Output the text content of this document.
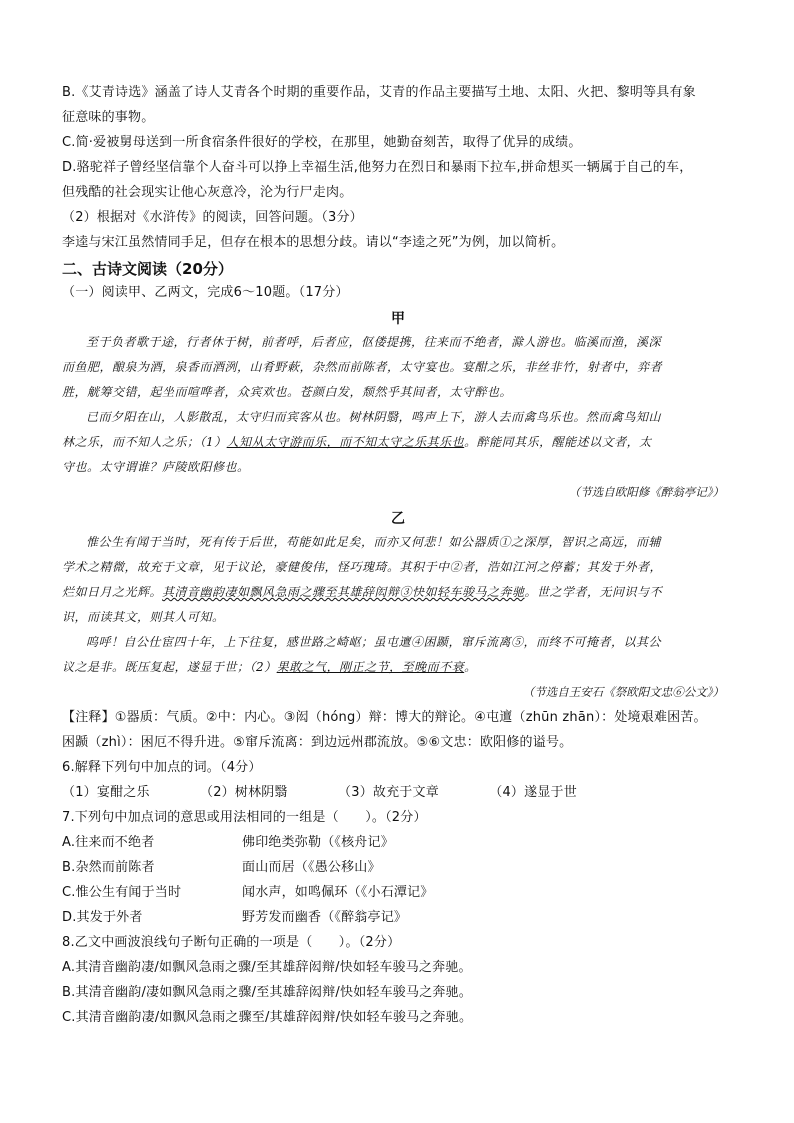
B.《艾青诗选》涵盖了诗人艾青各个时期的重要作品，艾青的作品主要描写土地、太阳、火把、黎明等具有象
征意味的事物。
C.简·爱被舅母送到一所食宿条件很好的学校，在那里，她勤奋刻苦，取得了优异的成绩。
D.骆驼祥子曾经坚信靠个人奋斗可以挣上幸福生活,他努力在烈日和暴雨下拉车,拼命想买一辆属于自己的车，
但残酷的社会现实让他心灰意冷，沦为行尸走肉。
（2）根据对《水浒传》的阅读，回答问题。（3分）
李逵与宋江虽然情同手足，但存在根本的思想分歧。请以“李逵之死”为例，加以简析。
二、古诗文阅读（20分）
（一）阅读甲、乙两文，完成6～10题。（17分）
甲
至于负者歌于途，行者休于树，前者呼，后者应，伛偻提携，往来而不绝者，滁人游也。临溪而渔，溪深
而鱼肥，酿泉为酒，泉香而酒洌，山肴野蔌，杂然而前陈者，太守宴也。宴酣之乐，非丝非竹，射者中，弈者
胜，觥筹交错，起坐而喧哗者，众宾欢也。苍颜白发，颓然乎其间者，太守醉也。
已而夕阳在山，人影散乱，太守归而宾客从也。树林阴翳，鸣声上下，游人去而禽鸟乐也。然而禽鸟知山
林之乐，而不知人之乐；（1）人知从太守游而乐，而不知太守之乐其乐也。醉能同其乐，醒能述以文者，太
守也。太守谓谁？庐陵欧阳修也。
（节选自欧阳修《醉翁亭记》）
乙
惟公生有闻于当时，死有传于后世，苟能如此足矣，而亦又何悲！如公器质①之深厚，智识之高远，而辅
学术之精微，故充于文章，见于议论，豪健俊伟，怪巧瑰琦。其积于中②者，浩如江河之停蓄；其发于外者，
烂如日月之光辉。其清音幽韵凄如飘风急雨之骤至其雄辞闳辩③快如轻车骏马之奔驰。世之学者，无问识与不
识，而读其文，则其人可知。
呜呼！自公仕宦四十年，上下往复，感世路之崎岖；虽屯邅④困踬，窜斥流离⑤，而终不可掩者，以其公
议之是非。既压复起，遂显于世；（2）果敢之气，刚正之节，至晚而不衰。
（节选自王安石《祭欧阳文忠⑥公文》）
【注释】①器质：气质。②中：内心。③闳（hóng）辩：博大的辩论。④屯邅（zhūn zhān）：处境艰难困苦。
困踬（zhì）：困厄不得升进。⑤窜斥流离：到边远州郡流放。⑤⑥文忠：欧阳修的谥号。
6.解释下列句中加点的词。（4分）
（1）宴酣之乐	（2）树林阴翳	（3）故充于文章	（4）遂显于世
7.下列句中加点词的意思或用法相同的一组是（　　）。（2分）
A.往来而不绝者	佛印绝类弥勒（《核舟记》
B.杂然而前陈者	面山而居（《愚公移山》
C.惟公生有闻于当时	闻水声，如鸣佩环（《小石潭记》
D.其发于外者	野芳发而幽香（《醉翁亭记》
8.乙文中画波浪线句子断句正确的一项是（　　）。（2分）
A.其清音幽韵凄/如飘风急雨之骤/至其雄辞闳辩/快如轻车骏马之奔驰。
B.其清音幽韵/凄如飘风急雨之骤/至其雄辞闳辩/快如轻车骏马之奔驰。
C.其清音幽韵凄/如飘风急雨之骤至/其雄辞闳辩/快如轻车骏马之奔驰。
